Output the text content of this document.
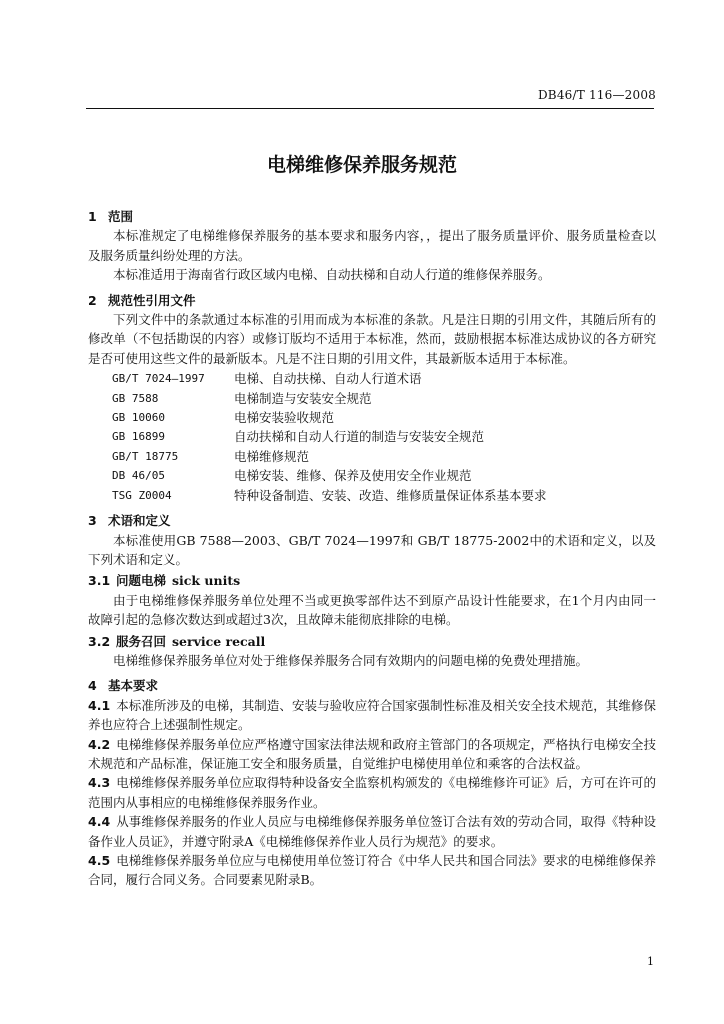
DB46/T 116—2008
电梯维修保养服务规范
1 范围

本标准规定了电梯维修保养服务的基本要求和服务内容，，提出了服务质量评价、服务质量检查以及服务质量纠纷处理的方法。

本标准适用于海南省行政区域内电梯、自动扶梯和自动人行道的维修保养服务。

2 规范性引用文件

下列文件中的条款通过本标准的引用而成为本标准的条款。凡是注日期的引用文件，其随后所有的修改单（不包括勘误的内容）或修订版均不适用于本标准，然而，鼓励根据本标准达成协议的各方研究是否可使用这些文件的最新版本。凡是不注日期的引用文件，其最新版本适用于本标准。

GB/T 7024—1997	电梯、自动扶梯、自动人行道术语
GB 7588	电梯制造与安装安全规范
GB 10060	电梯安装验收规范
GB 16899	自动扶梯和自动人行道的制造与安装安全规范
GB/T 18775	电梯维修规范
DB 46/05	电梯安装、维修、保养及使用安全作业规范
TSG Z0004	特种设备制造、安装、改造、维修质量保证体系基本要求
3 术语和定义

本标准使用GB 7588—2003、GB/T 7024—1997和 GB/T 18775-2002中的术语和定义，以及下列术语和定义。

3.1 问题电梯 sick units

由于电梯维修保养服务单位处理不当或更换零部件达不到原产品设计性能要求，在1个月内由同一故障引起的急修次数达到或超过3次，且故障未能彻底排除的电梯。

3.2 服务召回 service recall

电梯维修保养服务单位对处于维修保养服务合同有效期内的问题电梯的免费处理措施。

4 基本要求

4.1 本标准所涉及的电梯，其制造、安装与验收应符合国家强制性标准及相关安全技术规范，其维修保养也应符合上述强制性规定。

4.2 电梯维修保养服务单位应严格遵守国家法律法规和政府主管部门的各项规定，严格执行电梯安全技术规范和产品标准，保证施工安全和服务质量，自觉维护电梯使用单位和乘客的合法权益。

4.3 电梯维修保养服务单位应取得特种设备安全监察机构颁发的《电梯维修许可证》后，方可在许可的范围内从事相应的电梯维修保养服务作业。

4.4 从事维修保养服务的作业人员应与电梯维修保养服务单位签订合法有效的劳动合同，取得《特种设备作业人员证》，并遵守附录A《电梯维修保养作业人员行为规范》的要求。

4.5 电梯维修保养服务单位应与电梯使用单位签订符合《中华人民共和国合同法》要求的电梯维修保养合同，履行合同义务。合同要素见附录B。

1
